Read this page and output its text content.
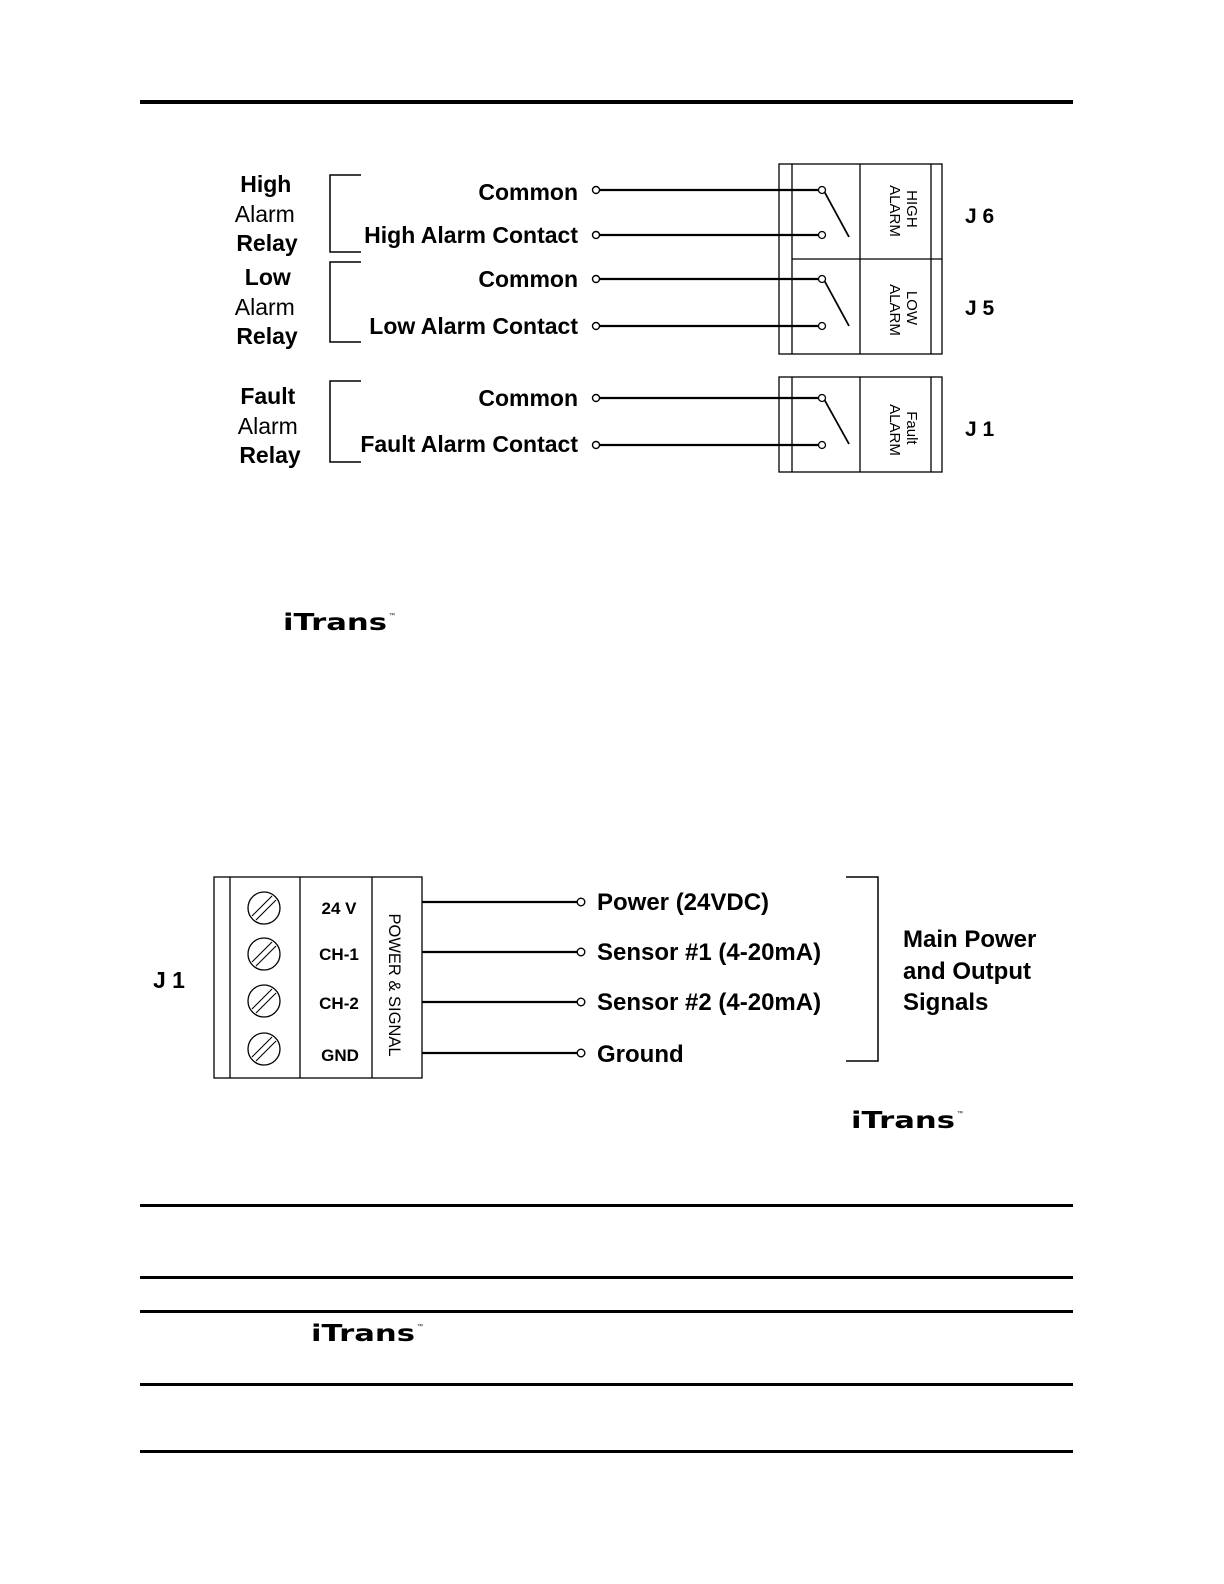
High Alarm Relay
Low Alarm Relay
Fault Alarm Relay
Common
High Alarm Contact
Common
Low Alarm Contact
Common
Fault Alarm Contact
HIGH ALARM
LOW ALARM
Fault ALARM
J 6
J 5
J 1
iTrans ™
J 1
24 V
CH-1
CH-2
GND POWER & SIGNAL
Power (24VDC)
Sensor #1 (4-20mA)
Sensor #2 (4-20mA)
Ground
Main Power and Output Signals
iTrans ™
iTrans ™
